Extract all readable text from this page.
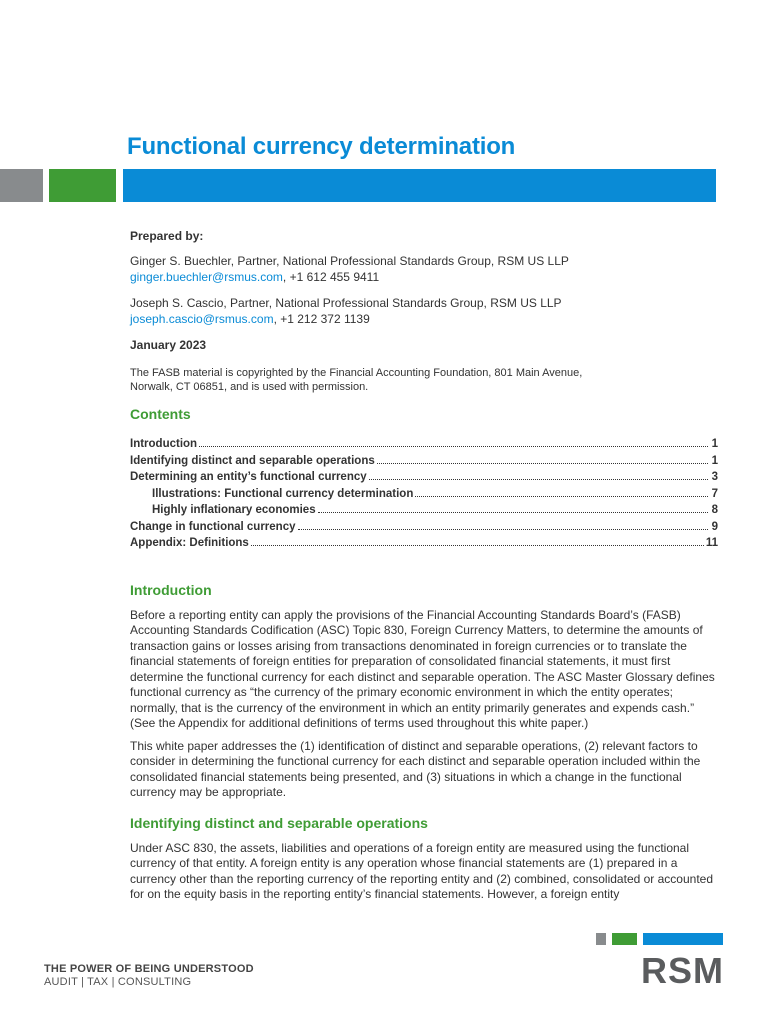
Functional currency determination

Prepared by:

Ginger S. Buechler, Partner, National Professional Standards Group, RSM US LLP
ginger.buechler@rsmus.com, +1 612 455 9411

Joseph S. Cascio, Partner, National Professional Standards Group, RSM US LLP
joseph.cascio@rsmus.com, +1 212 372 1139

January 2023

The FASB material is copyrighted by the Financial Accounting Foundation, 801 Main Avenue, Norwalk, CT 06851, and is used with permission.

Contents

Introduction	1
Identifying distinct and separable operations	1
Determining an entity’s functional currency	3
Illustrations: Functional currency determination	7
Highly inflationary economies	8
Change in functional currency	9
Appendix: Definitions	11

Introduction

Before a reporting entity can apply the provisions of the Financial Accounting Standards Board’s (FASB) Accounting Standards Codification (ASC) Topic 830, Foreign Currency Matters, to determine the amounts of transaction gains or losses arising from transactions denominated in foreign currencies or to translate the financial statements of foreign entities for preparation of consolidated financial statements, it must first determine the functional currency for each distinct and separable operation. The ASC Master Glossary defines functional currency as “the currency of the primary economic environment in which the entity operates; normally, that is the currency of the environment in which an entity primarily generates and expends cash.” (See the Appendix for additional definitions of terms used throughout this white paper.)

This white paper addresses the (1) identification of distinct and separable operations, (2) relevant factors to consider in determining the functional currency for each distinct and separable operation included within the consolidated financial statements being presented, and (3) situations in which a change in the functional currency may be appropriate.

Identifying distinct and separable operations

Under ASC 830, the assets, liabilities and operations of a foreign entity are measured using the functional currency of that entity. A foreign entity is any operation whose financial statements are (1) prepared in a currency other than the reporting currency of the reporting entity and (2) combined, consolidated or accounted for on the equity basis in the reporting entity’s financial statements. However, a foreign entity

THE POWER OF BEING UNDERSTOOD
AUDIT | TAX | CONSULTING	RSM
